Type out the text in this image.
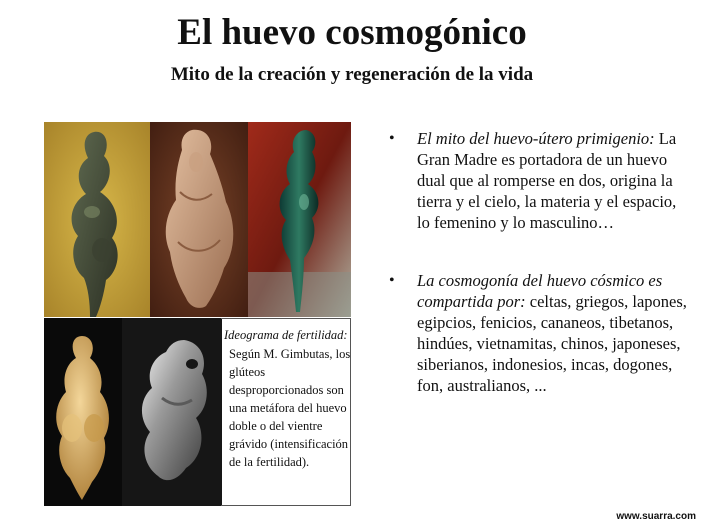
El huevo cosmogónico
Mito de la creación y regeneración de la vida
Ideograma de fertilidad:
Según M. Gimbutas, los glúteos desproporcionados son una metáfora del huevo doble o del vientre grávido (intensificación de la fertilidad).
• El mito del huevo-útero primigenio: La Gran Madre es portadora de un huevo dual que al romperse en dos, origina la tierra y el cielo, la materia y el espacio, lo femenino y lo masculino…
• La cosmogonía del huevo cósmico es compartida por: celtas, griegos, lapones, egipcios, fenicios, cananeos, tibetanos, hindúes, vietnamitas, chinos, japoneses, siberianos, indonesios, incas, dogones, fon, australianos, ...
www.suarra.com
